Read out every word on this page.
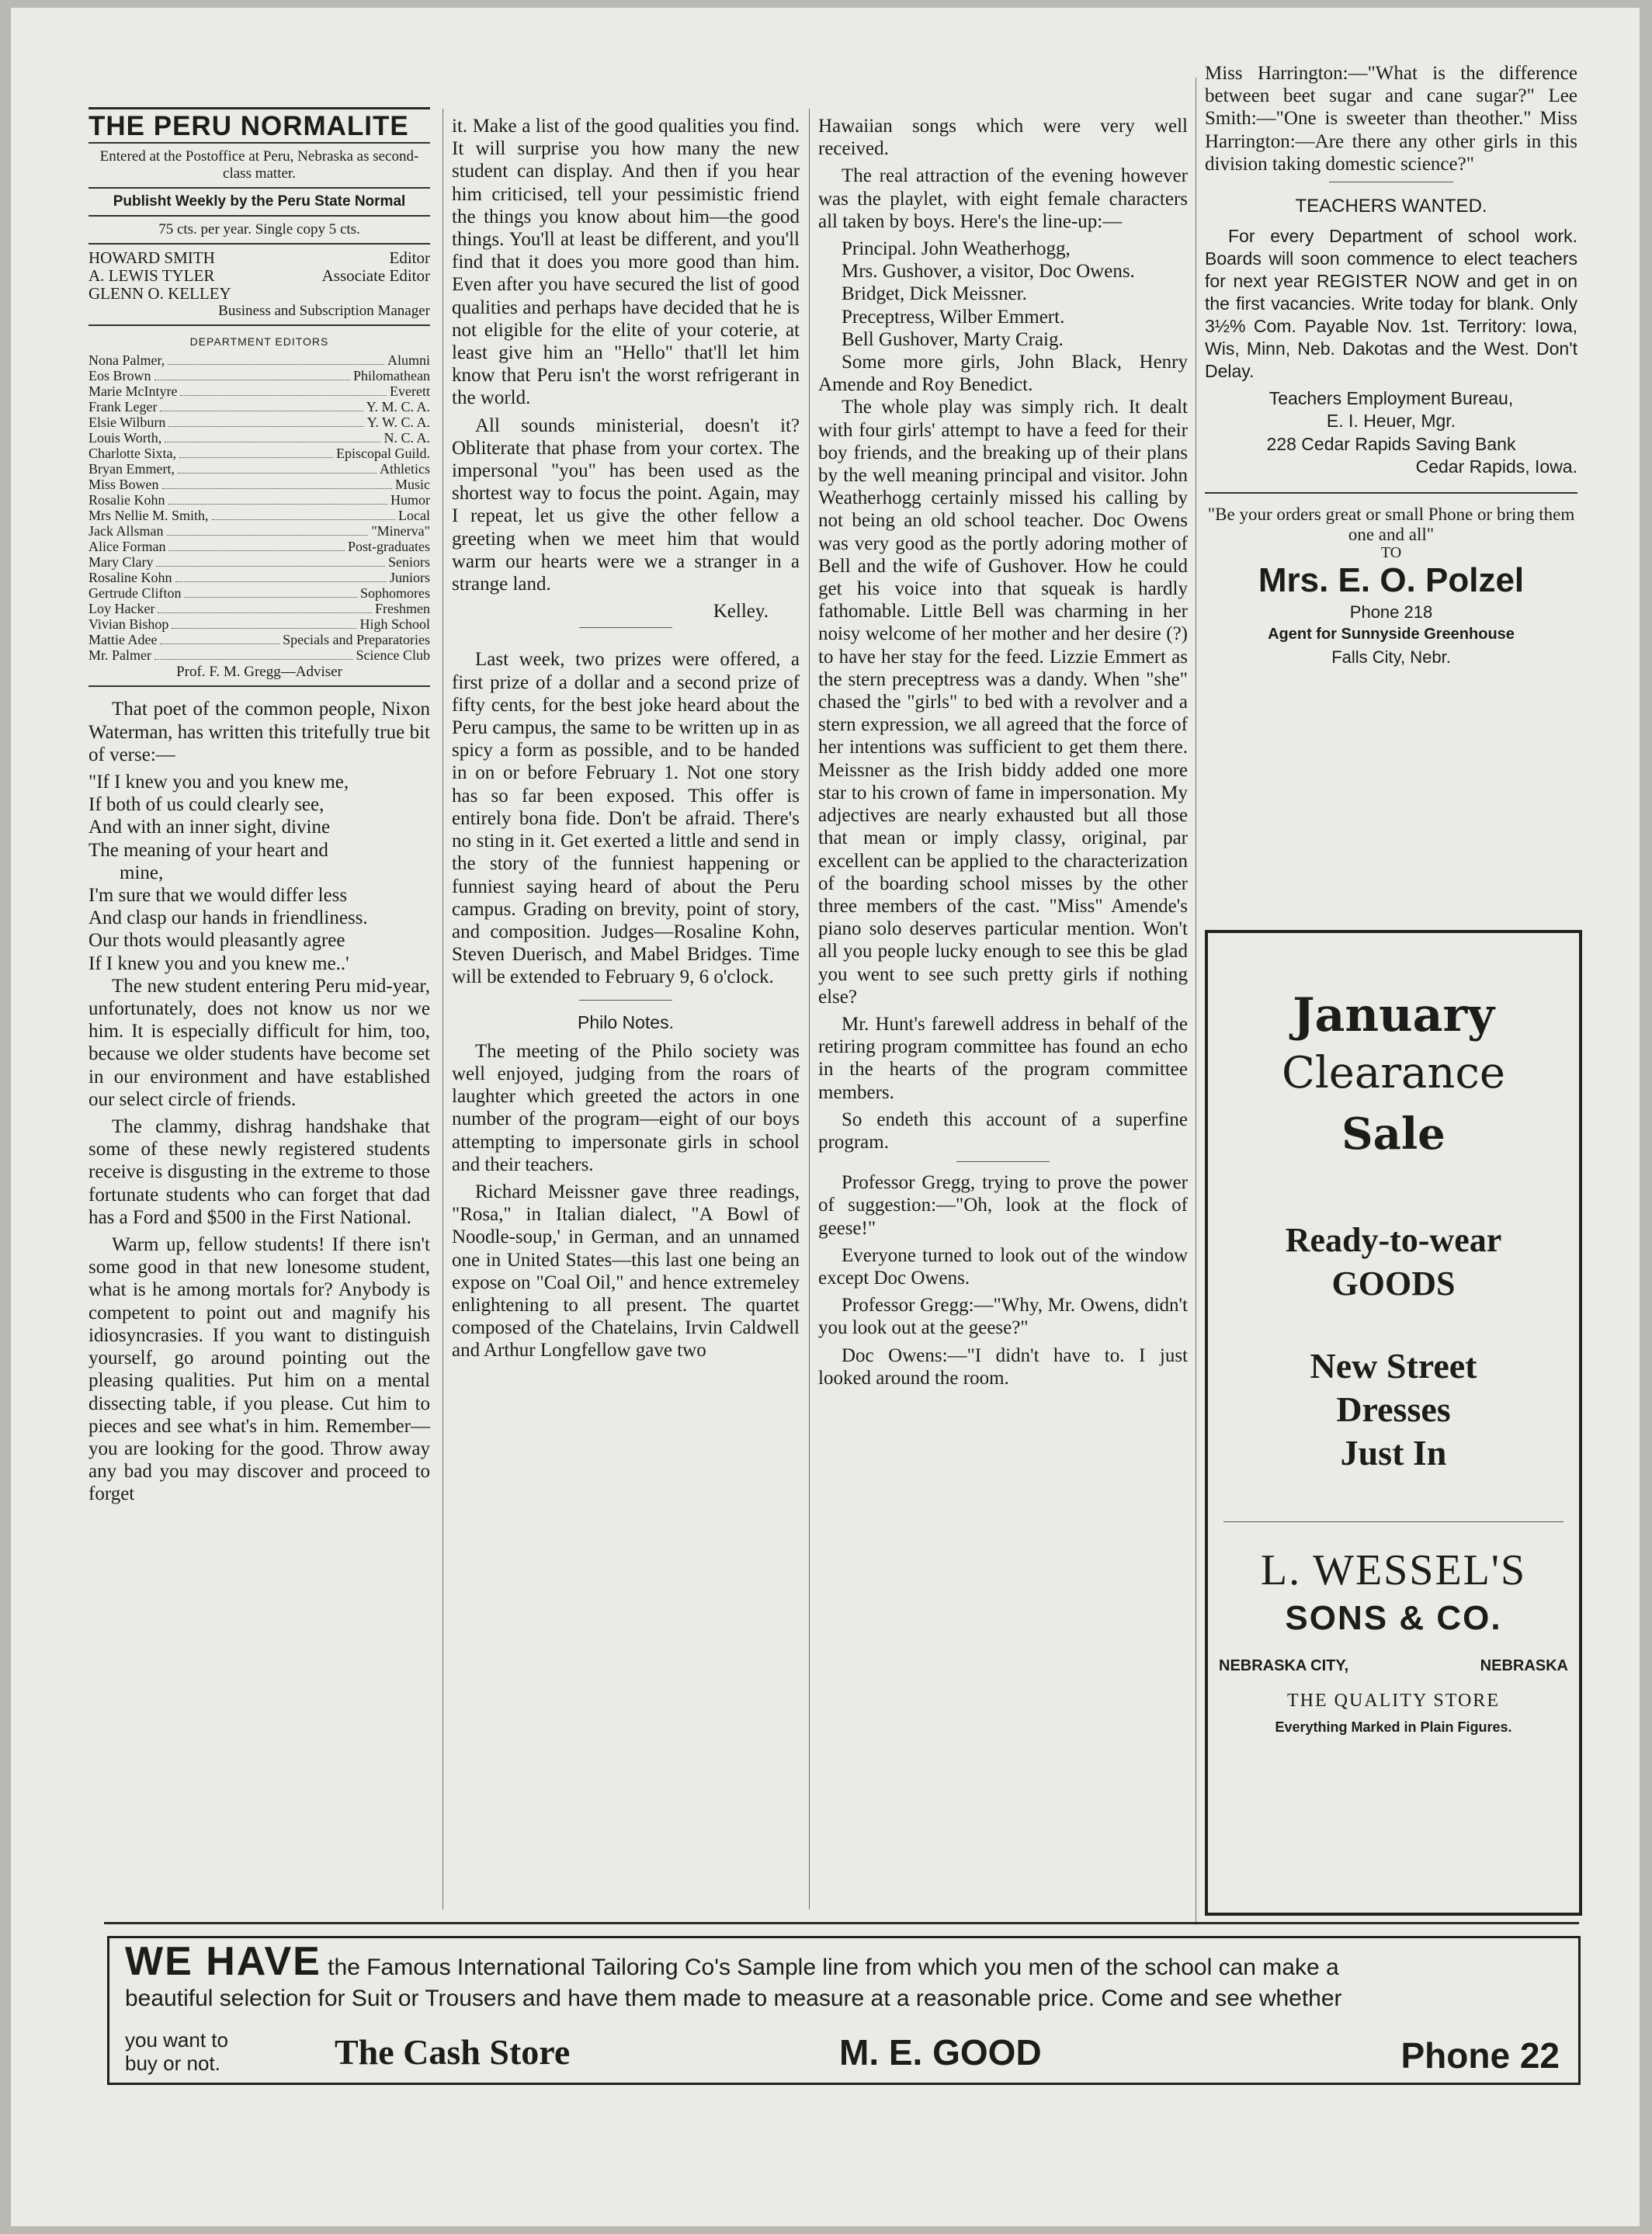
THE PERU NORMALITE
Entered at the Postoffice at Peru, Nebraska as second-class matter.
Publisht Weekly by the Peru State Normal
75 cts. per year. Single copy 5 cts.
HOWARD SMITH	Editor
A. LEWIS TYLER	Associate Editor
GLENN O. KELLEY
Business and Subscription Manager
DEPARTMENT EDITORS
Nona Palmer,	Alumni
Eos Brown	Philomathean
Marie McIntyre	Everett
Frank Leger	Y. M. C. A.
Elsie Wilburn	Y. W. C. A.
Louis Worth,	N. C. A.
Charlotte Sixta,	Episcopal Guild.
Bryan Emmert,	Athletics
Miss Bowen	Music
Rosalie Kohn	Humor
Mrs Nellie M. Smith,	Local
Jack Allsman	"Minerva"
Alice Forman	Post-graduates
Mary Clary	Seniors
Rosaline Kohn	Juniors
Gertrude Clifton	Sophomores
Loy Hacker	Freshmen
Vivian Bishop	High School
Mattie Adee	Specials and Preparatories
Mr. Palmer	Science Club
Prof. F. M. Gregg—Adviser

That poet of the common people, Nixon Waterman, has written this tritefully true bit of verse:—

"If I knew you and you knew me,
If both of us could clearly see,
And with an inner sight, divine
The meaning of your heart and
mine,
I'm sure that we would differ less
And clasp our hands in friendliness.
Our thots would pleasantly agree
If I knew you and you knew me..'

The new student entering Peru mid-year, unfortunately, does not know us nor we him. It is especially difficult for him, too, because we older students have become set in our environment and have established our select circle of friends.

The clammy, dishrag handshake that some of these newly registered students receive is disgusting in the extreme to those fortunate students who can forget that dad has a Ford and $500 in the First National.

Warm up, fellow students! If there isn't some good in that new lonesome student, what is he among mortals for? Anybody is competent to point out and magnify his idiosyncrasies. If you want to distinguish yourself, go around pointing out the pleasing qualities. Put him on a mental dissecting table, if you please. Cut him to pieces and see what's in him. Remember—you are looking for the good. Throw away any bad you may discover and proceed to forget

it. Make a list of the good qualities you find. It will surprise you how many the new student can display. And then if you hear him criticised, tell your pessimistic friend the things you know about him—the good things. You'll at least be different, and you'll find that it does you more good than him. Even after you have secured the list of good qualities and perhaps have decided that he is not eligible for the elite of your coterie, at least give him an "Hello" that'll let him know that Peru isn't the worst refrigerant in the world.

All sounds ministerial, doesn't it? Obliterate that phase from your cortex. The impersonal "you" has been used as the shortest way to focus the point. Again, may I repeat, let us give the other fellow a greeting when we meet him that would warm our hearts were we a stranger in a strange land.

Kelley.

Last week, two prizes were offered, a first prize of a dollar and a second prize of fifty cents, for the best joke heard about the Peru campus, the same to be written up in as spicy a form as possible, and to be handed in on or before February 1. Not one story has so far been exposed. This offer is entirely bona fide. Don't be afraid. There's no sting in it. Get exerted a little and send in the story of the funniest happening or funniest saying heard of about the Peru campus. Grading on brevity, point of story, and composition. Judges—Rosaline Kohn, Steven Duerisch, and Mabel Bridges. Time will be extended to February 9, 6 o'clock.

Philo Notes.

The meeting of the Philo society was well enjoyed, judging from the roars of laughter which greeted the actors in one number of the program—eight of our boys attempting to impersonate girls in school and their teachers.

Richard Meissner gave three readings, "Rosa," in Italian dialect, "A Bowl of Noodle-soup,' in German, and an unnamed one in United States—this last one being an expose on "Coal Oil," and hence extremeley enlightening to all present. The quartet composed of the Chatelains, Irvin Caldwell and Arthur Longfellow gave two

Hawaiian songs which were very well received.

The real attraction of the evening however was the playlet, with eight female characters all taken by boys. Here's the line-up:—

Principal. John Weatherhogg,

Mrs. Gushover, a visitor, Doc Owens.

Bridget, Dick Meissner.

Preceptress, Wilber Emmert.

Bell Gushover, Marty Craig.

Some more girls, John Black, Henry Amende and Roy Benedict.

The whole play was simply rich. It dealt with four girls' attempt to have a feed for their boy friends, and the breaking up of their plans by the well meaning principal and visitor. John Weatherhogg certainly missed his calling by not being an old school teacher. Doc Owens was very good as the portly adoring mother of Bell and the wife of Gushover. How he could get his voice into that squeak is hardly fathomable. Little Bell was charming in her noisy welcome of her mother and her desire (?) to have her stay for the feed. Lizzie Emmert as the stern preceptress was a dandy. When "she" chased the "girls" to bed with a revolver and a stern expression, we all agreed that the force of her intentions was sufficient to get them there. Meissner as the Irish biddy added one more star to his crown of fame in impersonation. My adjectives are nearly exhausted but all those that mean or imply classy, original, par excellent can be applied to the characterization of the boarding school misses by the other three members of the cast. "Miss" Amende's piano solo deserves particular mention. Won't all you people lucky enough to see this be glad you went to see such pretty girls if nothing else?

Mr. Hunt's farewell address in behalf of the retiring program committee has found an echo in the hearts of the program committee members.

So endeth this account of a superfine program.

Professor Gregg, trying to prove the power of suggestion:—"Oh, look at the flock of geese!"

Everyone turned to look out of the window except Doc Owens.

Professor Gregg:—"Why, Mr. Owens, didn't you look out at the geese?"

Doc Owens:—"I didn't have to. I just looked around the room.

Miss Harrington:—"What is the difference between beet sugar and cane sugar?" Lee Smith:—"One is sweeter than theother." Miss Harrington:—Are there any other girls in this division taking domestic science?"

TEACHERS WANTED.

For every Department of school work. Boards will soon commence to elect teachers for next year REGISTER NOW and get in on the first vacancies. Write today for blank. Only 3½% Com. Payable Nov. 1st. Territory: Iowa, Wis, Minn, Neb. Dakotas and the West. Don't Delay.

Teachers Employment Bureau,
E. I. Heuer, Mgr.
228 Cedar Rapids Saving Bank
Cedar Rapids, Iowa.
"Be your orders great or small Phone or bring them one and all"
TO
Mrs. E. O. Polzel
Phone 218
Agent for Sunnyside Greenhouse
Falls City, Nebr.
January
Clearance
Sale
Ready-to-wear
GOODS
New Street
Dresses
Just In
L. WESSEL'S
SONS & CO.
NEBRASKA CITY,	NEBRASKA
THE QUALITY STORE
Everything Marked in Plain Figures.
WE HAVE the Famous International Tailoring Co's Sample line from which you men of the school can make a
beautiful selection for Suit or Trousers and have them made to measure at a reasonable price. Come and see whether
you want to
buy or not.	The Cash Store	M. E. GOOD	Phone 22
